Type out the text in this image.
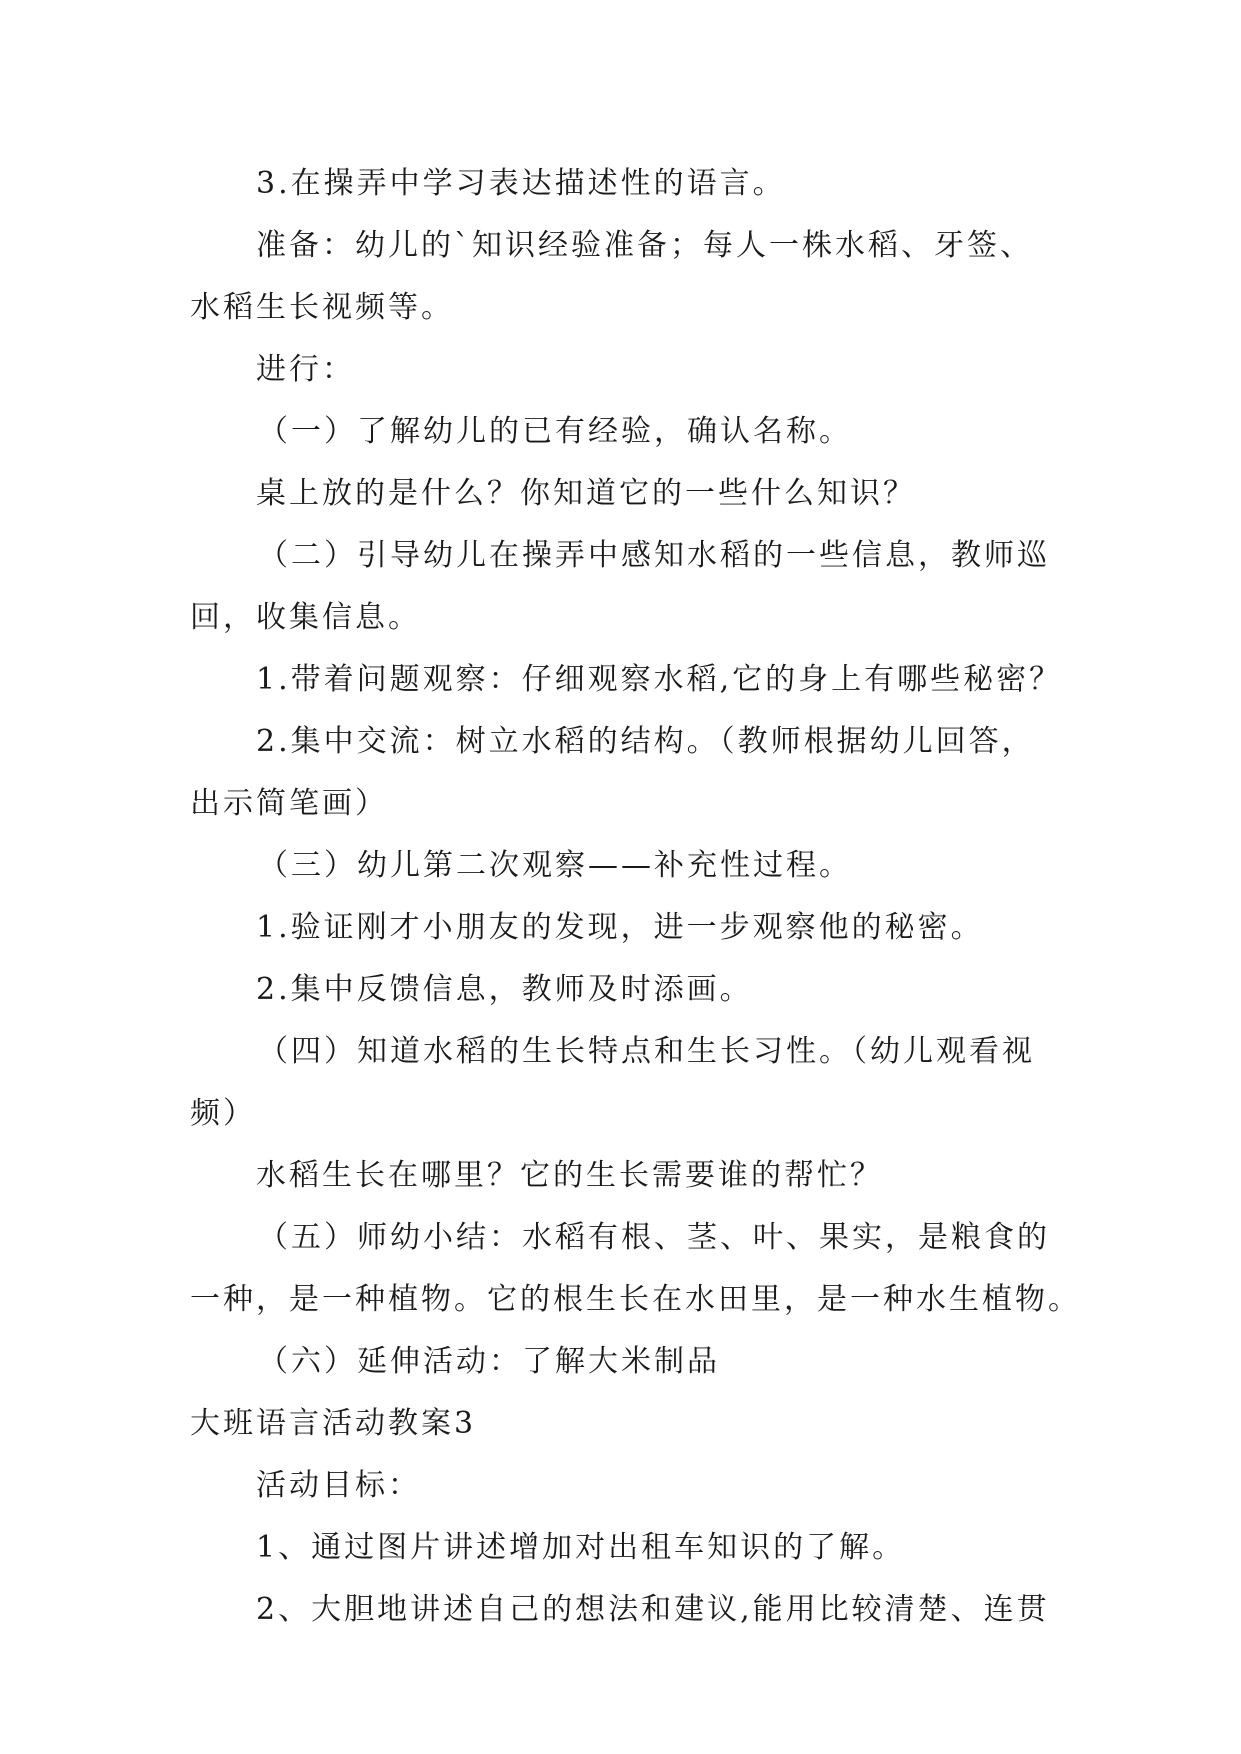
3.在操弄中学习表达描述性的语言。
准备：幼儿的`知识经验准备；每人一株水稻、牙签、
水稻生长视频等。
进行：
（一）了解幼儿的已有经验，确认名称。
桌上放的是什么？你知道它的一些什么知识？
（二）引导幼儿在操弄中感知水稻的一些信息，教师巡
回，收集信息。
1.带着问题观察：仔细观察水稻,它的身上有哪些秘密？
2.集中交流：树立水稻的结构。（教师根据幼儿回答，
出示简笔画）
（三）幼儿第二次观察——补充性过程。
1.验证刚才小朋友的发现，进一步观察他的秘密。
2.集中反馈信息，教师及时添画。
（四）知道水稻的生长特点和生长习性。（幼儿观看视
频）
水稻生长在哪里？它的生长需要谁的帮忙？
（五）师幼小结：水稻有根、茎、叶、果实，是粮食的
一种，是一种植物。它的根生长在水田里，是一种水生植物。
（六）延伸活动：了解大米制品
大班语言活动教案3
活动目标：
1、通过图片讲述增加对出租车知识的了解。
2、大胆地讲述自己的想法和建议,能用比较清楚、连贯
